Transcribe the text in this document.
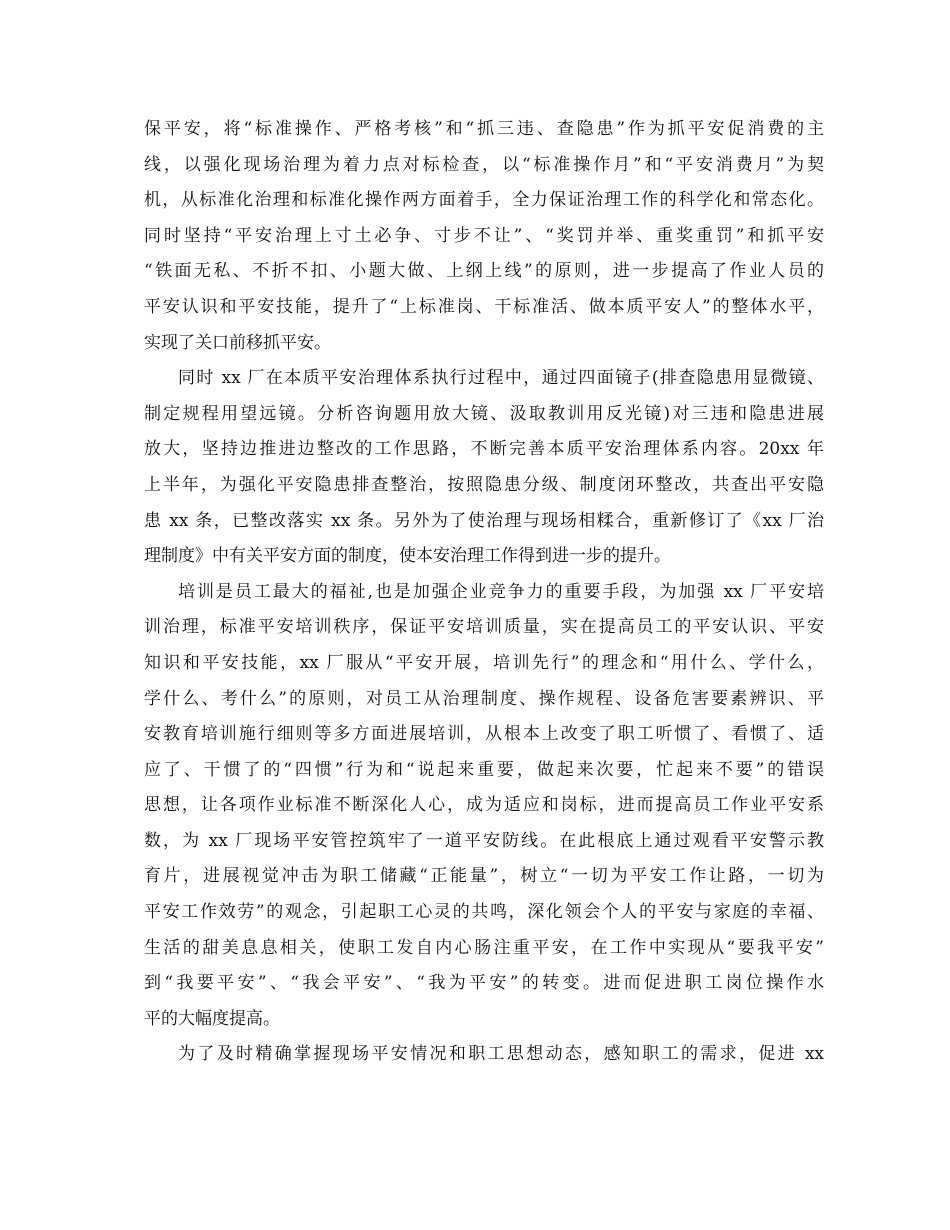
保平安，将“标准操作、严格考核”和“抓三违、查隐患”作为抓平安促消费的主
线，以强化现场治理为着力点对标检查，以“标准操作月”和“平安消费月”为契
机，从标准化治理和标准化操作两方面着手，全力保证治理工作的科学化和常态化。
同时坚持“平安治理上寸土必争、寸步不让”、“奖罚并举、重奖重罚”和抓平安
“铁面无私、不折不扣、小题大做、上纲上线”的原则，进一步提高了作业人员的
平安认识和平安技能，提升了“上标准岗、干标准活、做本质平安人”的整体水平，
实现了关口前移抓平安。

同时 xx 厂在本质平安治理体系执行过程中，通过四面镜子(排查隐患用显微镜、
制定规程用望远镜。分析咨询题用放大镜、汲取教训用反光镜)对三违和隐患进展
放大，坚持边推进边整改的工作思路，不断完善本质平安治理体系内容。20xx 年
上半年，为强化平安隐患排查整治，按照隐患分级、制度闭环整改，共查出平安隐
患 xx 条，已整改落实 xx 条。另外为了使治理与现场相糅合，重新修订了《xx 厂治
理制度》中有关平安方面的制度，使本安治理工作得到进一步的提升。

培训是员工最大的福祉,也是加强企业竞争力的重要手段，为加强 xx 厂平安培
训治理，标准平安培训秩序，保证平安培训质量，实在提高员工的平安认识、平安
知识和平安技能，xx 厂服从“平安开展，培训先行”的理念和“用什么、学什么，
学什么、考什么”的原则，对员工从治理制度、操作规程、设备危害要素辨识、平
安教育培训施行细则等多方面进展培训，从根本上改变了职工听惯了、看惯了、适
应了、干惯了的“四惯”行为和“说起来重要，做起来次要，忙起来不要”的错误
思想，让各项作业标准不断深化人心，成为适应和岗标，进而提高员工作业平安系
数，为 xx 厂现场平安管控筑牢了一道平安防线。在此根底上通过观看平安警示教
育片，进展视觉冲击为职工储藏“正能量”，树立“一切为平安工作让路，一切为
平安工作效劳”的观念，引起职工心灵的共鸣，深化领会个人的平安与家庭的幸福、
生活的甜美息息相关，使职工发自内心肠注重平安，在工作中实现从“要我平安”
到“我要平安”、“我会平安”、“我为平安”的转变。进而促进职工岗位操作水
平的大幅度提高。

为了及时精确掌握现场平安情况和职工思想动态，感知职工的需求，促进 xx
